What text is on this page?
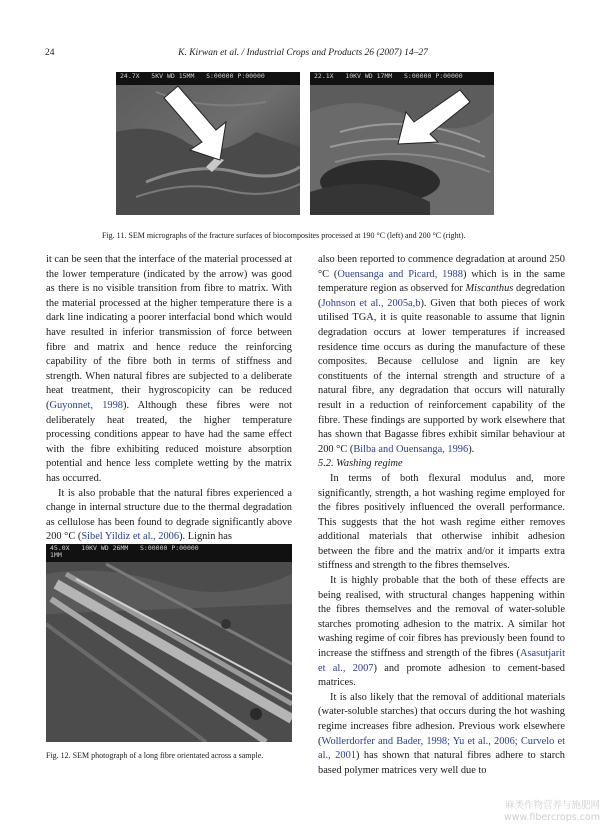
24	K. Kirwan et al. / Industrial Crops and Products 26 (2007) 14–27
24.7X   5KV WD 15MM   S:00000 P:00000	22.1X   10KV WD 17MM   S:00000 P:00000
Fig. 11. SEM micrographs of the fracture surfaces of biocomposites processed at 190 °C (left) and 200 °C (right).

it can be seen that the interface of the material processed at the lower temperature (indicated by the arrow) was good as there is no visible transition from fibre to matrix. With the material processed at the higher temperature there is a dark line indicating a poorer interfacial bond which would have resulted in inferior transmission of force between fibre and matrix and hence reduce the reinforcing capability of the fibre both in terms of stiffness and strength. When natural fibres are subjected to a deliberate heat treatment, their hygroscopicity can be reduced (Guyonnet, 1998). Although these fibres were not deliberately heat treated, the higher temperature processing conditions appear to have had the same effect with the fibre exhibiting reduced moisture absorption potential and hence less complete wetting by the matrix has occurred.

It is also probable that the natural fibres experienced a change in internal structure due to the thermal degradation as cellulose has been found to degrade significantly above 200 °C (Sibel Yildiz et al., 2006). Lignin has

45.0X   10KV WD 26MM   S:00000 P:00000
1MM
Fig. 12. SEM photograph of a long fibre orientated across a sample.

also been reported to commence degradation at around 250 °C (Ouensanga and Picard, 1988) which is in the same temperature region as observed for Miscanthus degredation (Johnson et al., 2005a,b). Given that both pieces of work utilised TGA, it is quite reasonable to assume that lignin degradation occurs at lower temperatures if increased residence time occurs as during the manufacture of these composites. Because cellulose and lignin are key constituents of the internal strength and structure of a natural fibre, any degradation that occurs will naturally result in a reduction of reinforcement capability of the fibre. These findings are supported by work elsewhere that has shown that Bagasse fibres exhibit similar behaviour at 200 °C (Bilba and Ouensanga, 1996).

5.2. Washing regime

In terms of both flexural modulus and, more significantly, strength, a hot washing regime employed for the fibres positively influenced the overall performance. This suggests that the hot wash regime either removes additional materials that otherwise inhibit adhesion between the fibre and the matrix and/or it imparts extra stiffness and strength to the fibres themselves.

It is highly probable that the both of these effects are being realised, with structural changes happening within the fibres themselves and the removal of water-soluble starches promoting adhesion to the matrix. A similar hot washing regime of coir fibres has previously been found to increase the stiffness and strength of the fibres (Asasutjarit et al., 2007) and promote adhesion to cement-based matrices.

It is also likely that the removal of additional materials (water-soluble starches) that occurs during the hot washing regime increases fibre adhesion. Previous work elsewhere (Wollerdorfer and Bader, 1998; Yu et al., 2006; Curvelo et al., 2001) has shown that natural fibres adhere to starch based polymer matrices very well due to

麻类作物营养与施肥网
www.fibercrops.com
